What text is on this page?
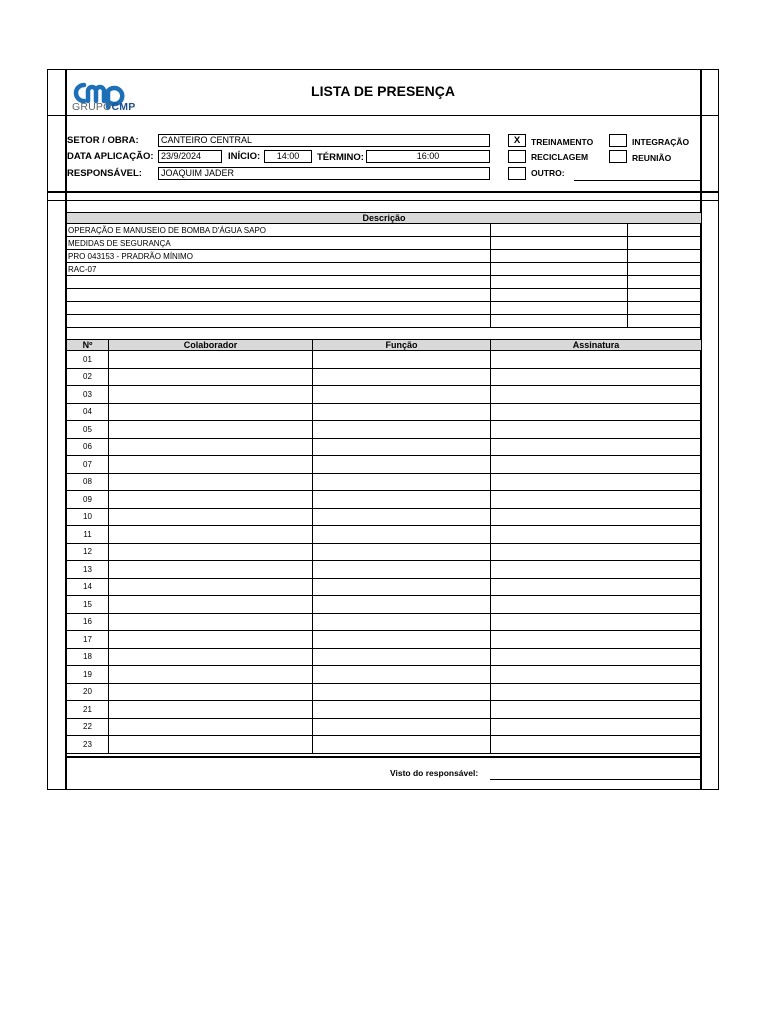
GRUPOCMP
LISTA DE PRESENÇA
SETOR / OBRA:	CANTEIRO CENTRAL
DATA APLICAÇÃO: 23/9/2024	INÍCIO:	14:00	TÉRMINO:	16:00
RESPONSÁVEL:	JOAQUIM JADER
X	TREINAMENTO	INTEGRAÇÃO
RECICLAGEM	REUNIÃO
OUTRO:
Descrição		
OPERAÇÃO E MANUSEIO DE BOMBA D'ÁGUA SAPO		
MEDIDAS DE SEGURANÇA		
PRO 043153 - PRADRÃO MÍNIMO		
RAC-07		

Nº	Colaborador	Função	Assinatura
01			
02			
03			
04			
05			
06			
07			
08			
09			
10			
11			
12			
13			
14			
15			
16			
17			
18			
19			
20			
21			
22			
23			
Visto do responsável:
